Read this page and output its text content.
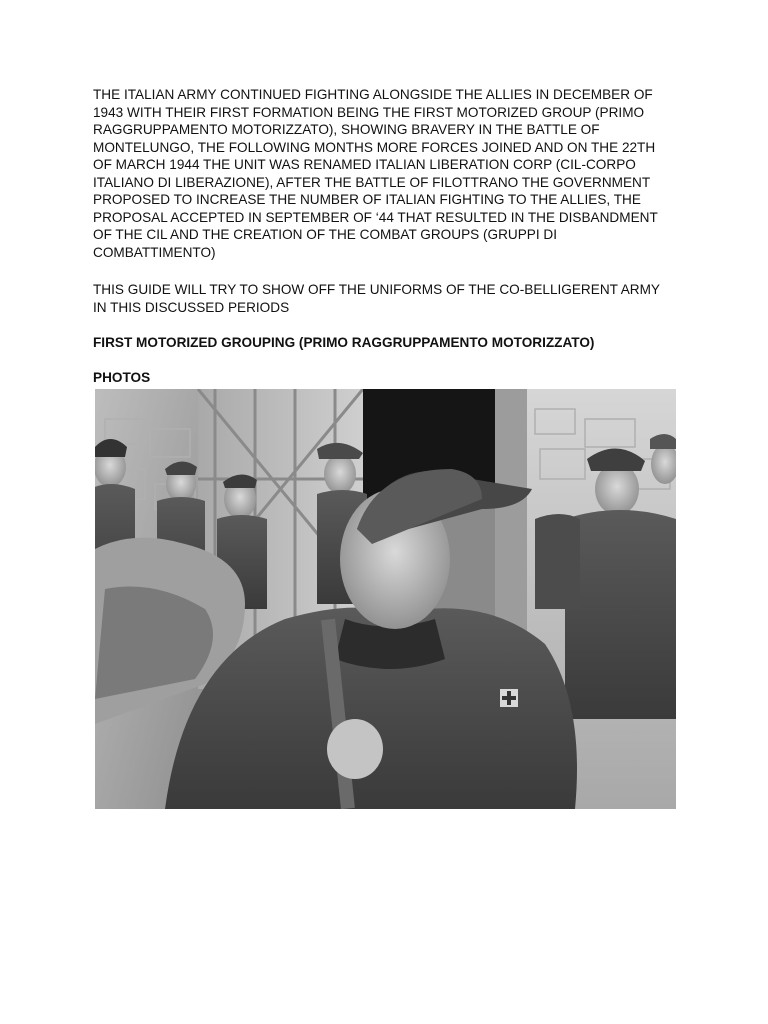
THE ITALIAN ARMY CONTINUED FIGHTING ALONGSIDE THE ALLIES IN DECEMBER OF 1943 WITH THEIR FIRST FORMATION BEING THE FIRST MOTORIZED GROUP (PRIMO RAGGRUPPAMENTO MOTORIZZATO), SHOWING BRAVERY IN THE BATTLE OF MONTELUNGO, THE FOLLOWING MONTHS MORE FORCES JOINED AND ON THE 22TH OF MARCH 1944 THE UNIT WAS RENAMED ITALIAN LIBERATION CORP (CIL-CORPO ITALIANO DI LIBERAZIONE), AFTER THE BATTLE OF FILOTTRANO THE GOVERNMENT PROPOSED TO INCREASE THE NUMBER OF ITALIAN FIGHTING TO THE ALLIES, THE PROPOSAL ACCEPTED IN SEPTEMBER OF ‘44 THAT RESULTED IN THE DISBANDMENT OF THE CIL AND THE CREATION OF THE COMBAT GROUPS (GRUPPI DI COMBATTIMENTO)

THIS GUIDE WILL TRY TO SHOW OFF THE UNIFORMS OF THE CO-BELLIGERENT ARMY IN THIS DISCUSSED PERIODS

FIRST MOTORIZED GROUPING (PRIMO RAGGRUPPAMENTO MOTORIZZATO)

PHOTOS
